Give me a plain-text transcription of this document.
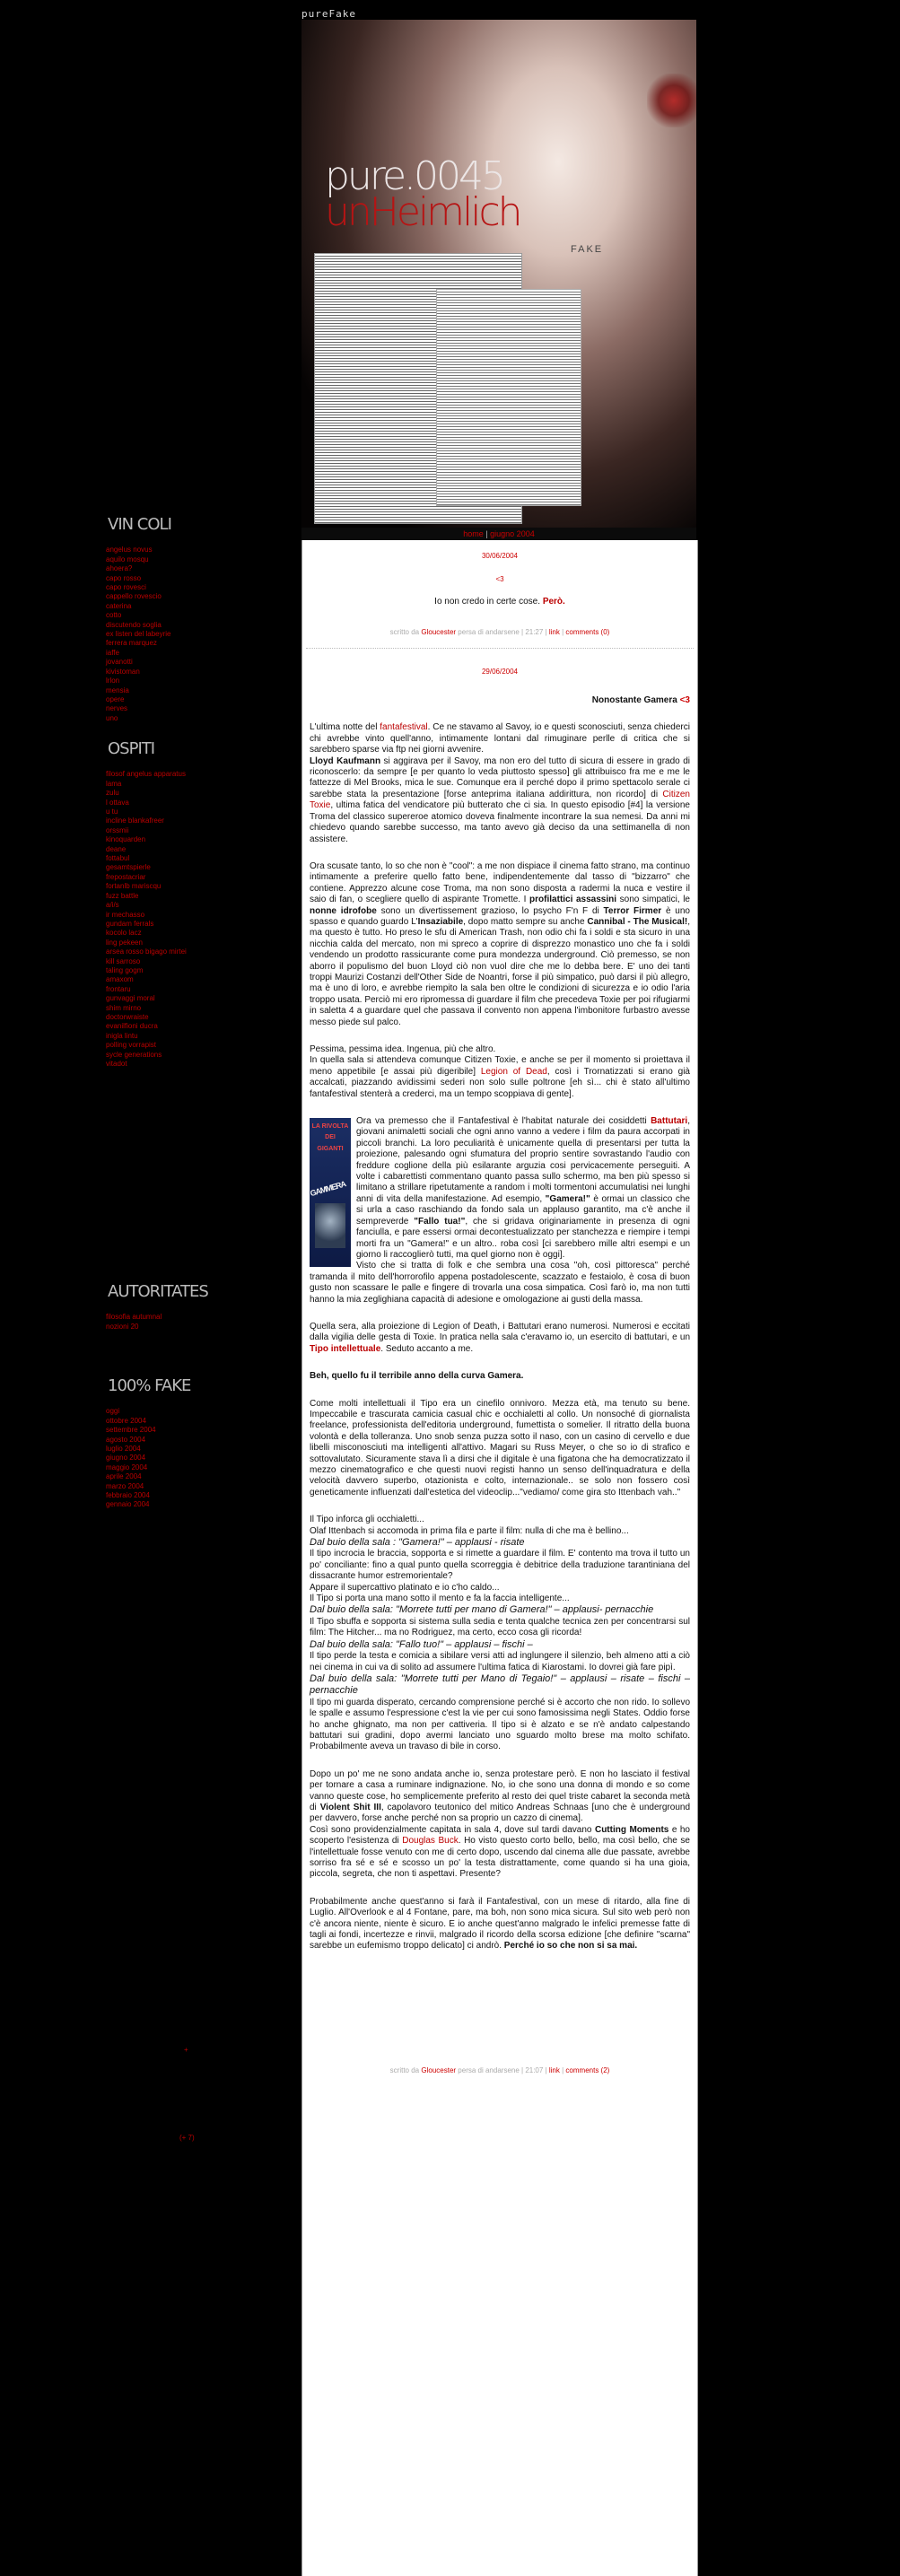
pureFake
pure.0045
unHeimlich
FAKE
home | giugno 2004
VIN COLI
angelus novus
aquilo mosqu
ahoera?
capo rosso
capo rovesci
cappello rovescio
caterina
cotto
discutendo soglia
ex listen del labeyrie
ferrera marquez
iaffe
jovanotti
kivistoman
lrlon
mensia
opere
nerves
uno
OSPITI
filosof angelus apparatus
lama
zulu
l ottava
u tu
incline blankafreer
orssmii
kinoquarden
deane
fottabul
gesamtspierle
frepostacriar
fortanlb mariscqu
fuzz battle
a/i/s
ir mechasso
gundam ferrals
kocolo lacz
ling pekeen
arsea rosso bigago mirtei
kill sarroso
taling gogm
amaxom
frontaru
gunvaggi moral
shim mirno
doctorwraiste
evanilfioni ducra
inigla lintu
polling vorrapist
sycle generations
vitadot
AUTORITATES
filosofia autumnal
nozioni 20
100% FAKE
oggi
ottobre 2004
settembre 2004
agosto 2004
luglio 2004
giugno 2004
maggio 2004
aprile 2004
marzo 2004
febbraio 2004
gennaio 2004
+
(+ 7)
30/06/2004
<3
Io non credo in certe cose. Però.
scritto da Gloucester persa di andarsene | 21:27 | link | comments (0)
29/06/2004
Nonostante Gamera <3

L'ultima notte del fantafestival. Ce ne stavamo al Savoy, io e questi sconosciuti, senza chiederci chi avrebbe vinto quell'anno, intimamente lontani dal rimuginare perlle di critica che si sarebbero sparse via ftp nei giorni avvenire.
Lloyd Kaufmann si aggirava per il Savoy, ma non ero del tutto di sicura di essere in grado di riconoscerlo: da sempre [e per quanto lo veda piuttosto spesso] gli attribuisco fra me e me le fattezze di Mel Brooks, mica le sue. Comunque era il perché dopo il primo spettacolo serale ci sarebbe stata la presentazione [forse anteprima italiana addirittura, non ricordo] di Citizen Toxie, ultima fatica del vendicatore più butterato che ci sia. In questo episodio [#4] la versione Troma del classico supereroe atomico doveva finalmente incontrare la sua nemesi. Da anni mi chiedevo quando sarebbe successo, ma tanto avevo già deciso da una settimanella di non assistere.

Ora scusate tanto, lo so che non è "cool": a me non dispiace il cinema fatto strano, ma continuo intimamente a preferire quello fatto bene, indipendentemente dal tasso di "bizzarro" che contiene. Apprezzo alcune cose Troma, ma non sono disposta a radermi la nuca e vestire il saio di fan, o scegliere quello di aspirante Tromette. I profilattici assassini sono simpatici, le nonne idrofobe sono un divertissement grazioso, lo psycho F'n F di Terror Firmer è uno spasso e quando guardo L'Insaziabile, dopo matto sempre su anche Cannibal - The Musical!, ma questo è tutto. Ho preso le sfu di American Trash, non odio chi fa i soldi e sta sicuro in una nicchia calda del mercato, non mi spreco a coprire di disprezzo monastico uno che fa i soldi vendendo un prodotto rassicurante come pura mondezza underground. Ciò premesso, se non aborro il populismo del buon Lloyd ciò non vuol dire che me lo debba bere. E' uno dei tanti troppi Maurizi Costanzi dell'Other Side de Noantri, forse il più simpatico, può darsi il più allegro, ma è uno di loro, e avrebbe riempito la sala ben oltre le condizioni di sicurezza e io odio l'aria troppo usata. Perciò mi ero ripromessa di guardare il film che precedeva Toxie per poi rifugiarmi in saletta 4 a guardare quel che passava il convento non appena l'imbonitore furbastro avesse messo piede sul palco.

Pessima, pessima idea. Ingenua, più che altro.
In quella sala si attendeva comunque Citizen Toxie, e anche se per il momento si proiettava il meno appetibile [e assai più digeribile] Legion of Dead, così i Trornatizzati si erano già accalcati, piazzando avidissimi sederi non solo sulle poltrone [eh sì... chi è stato all'ultimo fantafestival stenterà a crederci, ma un tempo scoppiava di gente].

LA RIVOLTA DEI GIGANTI
GAMMERA
Ora va premesso che il Fantafestival è l'habitat naturale dei cosiddetti Battutari, giovani animaletti sociali che ogni anno vanno a vedere i film da paura accorpati in piccoli branchi. La loro peculiarità è unicamente quella di presentarsi per tutta la proiezione, palesando ogni sfumatura del proprio sentire sovrastando l'audio con freddure coglione della più esilarante arguzia cosi pervicacemente perseguiti. A volte i cabarettisti commentano quanto passa sullo schermo, ma ben più spesso si limitano a strillare ripetutamente a random i molti tormentoni accumulatisi nei lunghi anni di vita della manifestazione. Ad esempio, "Gamera!" è ormai un classico che si urla a caso raschiando da fondo sala un applauso garantito, ma c'è anche il sempreverde "Fallo tua!", che si gridava originariamente in presenza di ogni fanciulla, e pare essersi ormai decontestualizzato per stanchezza e riempire i tempi morti fra un "Gamera!" e un altro.. roba così [ci sarebbero mille altri esempi e un giorno li raccoglierò tutti, ma quel giorno non è oggi].
Visto che si tratta di folk e che sembra una cosa "oh, così pittoresca" perché tramanda il mito dell'horrorofilo appena postadolescente, scazzato e festaiolo, è cosa di buon gusto non scassare le palle e fingere di trovarla una cosa simpatica. Così farò io, ma non tutti hanno la mia zeglighiana capacità di adesione e omologazione ai gusti della massa.

Quella sera, alla proiezione di Legion of Death, i Battutari erano numerosi. Numerosi e eccitati dalla vigilia delle gesta di Toxie. In pratica nella sala c'eravamo io, un esercito di battutari, e un Tipo intellettuale. Seduto accanto a me.

Beh, quello fu il terribile anno della curva Gamera.

Come molti intellettuali il Tipo era un cinefilo onnivoro. Mezza età, ma tenuto su bene. Impeccabile e trascurata camicia casual chic e occhialetti al collo. Un nonsoché di giornalista freelance, professionista dell'editoria underground, fumettista o somelier. Il ritratto della buona volontà e della tolleranza. Uno snob senza puzza sotto il naso, con un casino di cervello e due libelli misconosciuti ma intelligenti all'attivo. Magari su Russ Meyer, o che so io di strafico e sottovalutato. Sicuramente stava lì a dirsi che il digitale è una figatona che ha democratizzato il mezzo cinematografico e che questi nuovi registi hanno un senso dell'inquadratura e della velocità davvero superbo, otazionista e colto, internazionale.. se solo non fossero così geneticamente influenzati dall'estetica del videoclip..."vediamo/ come gira sto Ittenbach vah.."

Il Tipo inforca gli occhialetti...
Olaf Ittenbach si accomoda in prima fila e parte il film: nulla di che ma è bellino...
Dal buio della sala : "Gamera!" – applausi - risate
Il tipo incrocia le braccia, sopporta e si rimette a guardare il film. E' contento ma trova il tutto un po' conciliante: fino a qual punto quella scorreggia è debitrice della traduzione tarantiniana del dissacrante humor estremorientale?
Appare il supercattivo platinato e io c'ho caldo...
Il Tipo si porta una mano sotto il mento e fa la faccia intelligente...
Dal buio della sala: "Morrete tutti per mano di Gamera!" – applausi- pernacchie
Il Tipo sbuffa e sopporta si sistema sulla sedia e tenta qualche tecnica zen per concentrarsi sul film: The Hitcher... ma no Rodriguez, ma certo, ecco cosa gli ricorda!
Dal buio della sala: "Fallo tuo!" – applausi – fischi –
Il tipo perde la testa e comicia a sibilare versi atti ad inglungere il silenzio, beh almeno atti a ciò nei cinema in cui va di solito ad assumere l'ultima fatica di Kiarostami. Io dovrei già fare pipì.
Dal buio della sala: "Morrete tutti per Mano di Tegaio!" – applausi – risate – fischi – pernacchie
Il tipo mi guarda disperato, cercando comprensione perché si è accorto che non rido. Io sollevo le spalle e assumo l'espressione c'est la vie per cui sono famosissima negli States. Oddio forse ho anche ghignato, ma non per cattiveria. Il tipo si è alzato e se n'è andato calpestando battutari sui gradini, dopo avermi lanciato uno sguardo molto brese ma molto schifato. Probabilmente aveva un travaso di bile in corso.

Dopo un po' me ne sono andata anche io, senza protestare però. E non ho lasciato il festival per tornare a casa a ruminare indignazione. No, io che sono una donna di mondo e so come vanno queste cose, ho semplicemente preferito al resto dei quel triste cabaret la seconda metà di Violent Shit III, capolavoro teutonico del mitico Andreas Schnaas [uno che è underground per davvero, forse anche perché non sa proprio un cazzo di cinema].
Così sono providenzialmente capitata in sala 4, dove sul tardi davano Cutting Moments e ho scoperto l'esistenza di Douglas Buck. Ho visto questo corto bello, bello, ma così bello, che se l'intellettuale fosse venuto con me di certo dopo, uscendo dal cinema alle due passate, avrebbe sorriso fra sé e sé e scosso un po' la testa distrattamente, come quando si ha una gioia, piccola, segreta, che non ti aspettavi. Presente?

Probabilmente anche quest'anno si farà il Fantafestival, con un mese di ritardo, alla fine di Luglio. All'Overlook e al 4 Fontane, pare, ma boh, non sono mica sicura. Sul sito web però non c'è ancora niente, niente è sicuro. E io anche quest'anno malgrado le infelici premesse fatte di tagli ai fondi, incertezze e rinvii, malgrado il ricordo della scorsa edizione [che definire "scarna" sarebbe un eufemismo troppo delicato] ci andrò. Perché io so che non si sa mai.

scritto da Gloucester persa di andarsene | 21:07 | link | comments (2)
